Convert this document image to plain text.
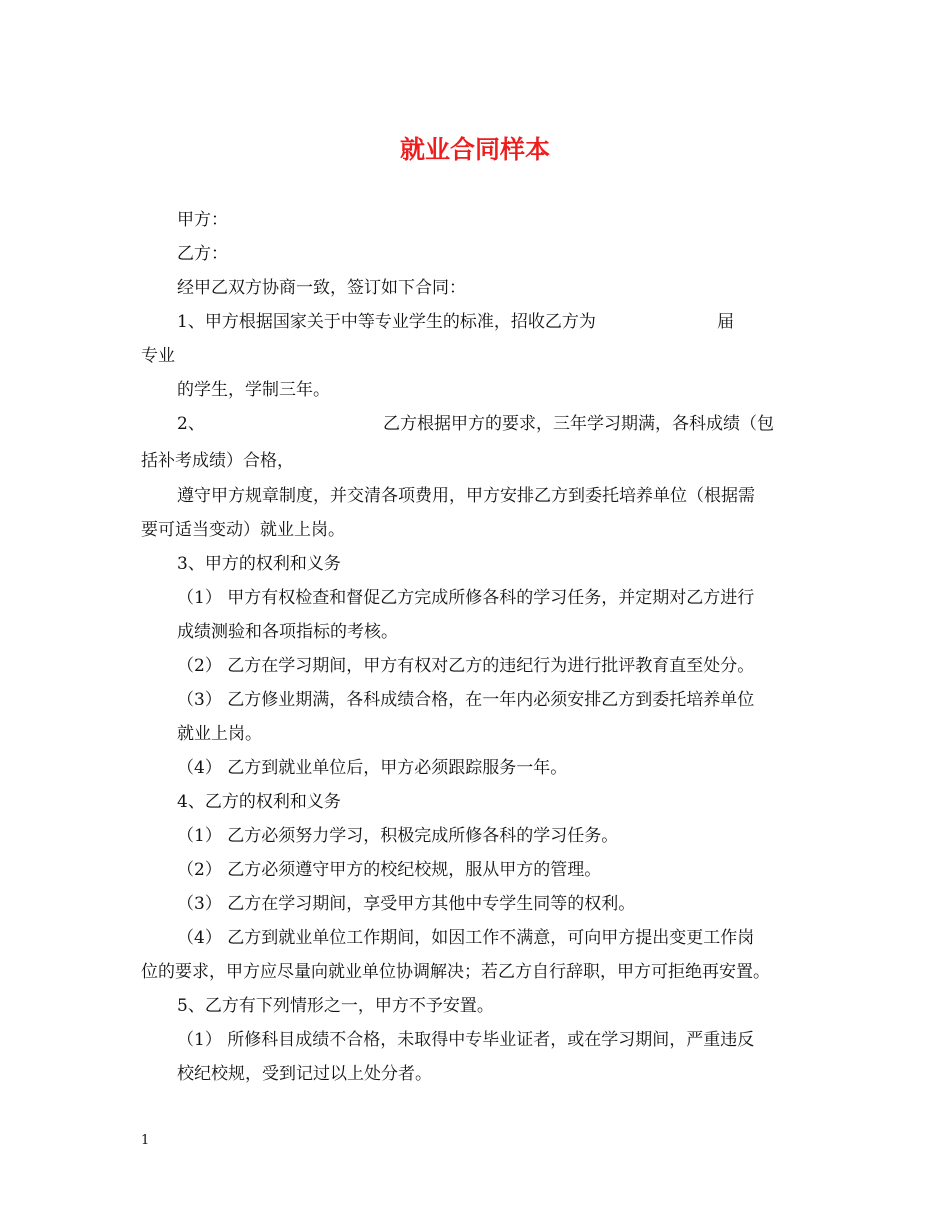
就业合同样本
甲方：
乙方：
经甲乙双方协商一致，签订如下合同：
1、甲方根据国家关于中等专业学生的标准，招收乙方为	届
专业
的学生，学制三年。
2、	乙方根据甲方的要求，三年学习期满，各科成绩（包
括补考成绩）合格，
遵守甲方规章制度，并交清各项费用，甲方安排乙方到委托培养单位（根据需
要可适当变动）就业上岗。
3、甲方的权利和义务
（1） 甲方有权检查和督促乙方完成所修各科的学习任务，并定期对乙方进行
成绩测验和各项指标的考核。
（2） 乙方在学习期间，甲方有权对乙方的违纪行为进行批评教育直至处分。
（3） 乙方修业期满，各科成绩合格，在一年内必须安排乙方到委托培养单位
就业上岗。
（4） 乙方到就业单位后，甲方必须跟踪服务一年。
4、乙方的权利和义务
（1） 乙方必须努力学习，积极完成所修各科的学习任务。
（2） 乙方必须遵守甲方的校纪校规，服从甲方的管理。
（3） 乙方在学习期间，享受甲方其他中专学生同等的权利。
（4） 乙方到就业单位工作期间，如因工作不满意，可向甲方提出变更工作岗
位的要求，甲方应尽量向就业单位协调解决；若乙方自行辞职，甲方可拒绝再安置。
5、乙方有下列情形之一，甲方不予安置。
（1） 所修科目成绩不合格，未取得中专毕业证者，或在学习期间，严重违反
校纪校规，受到记过以上处分者。
1
